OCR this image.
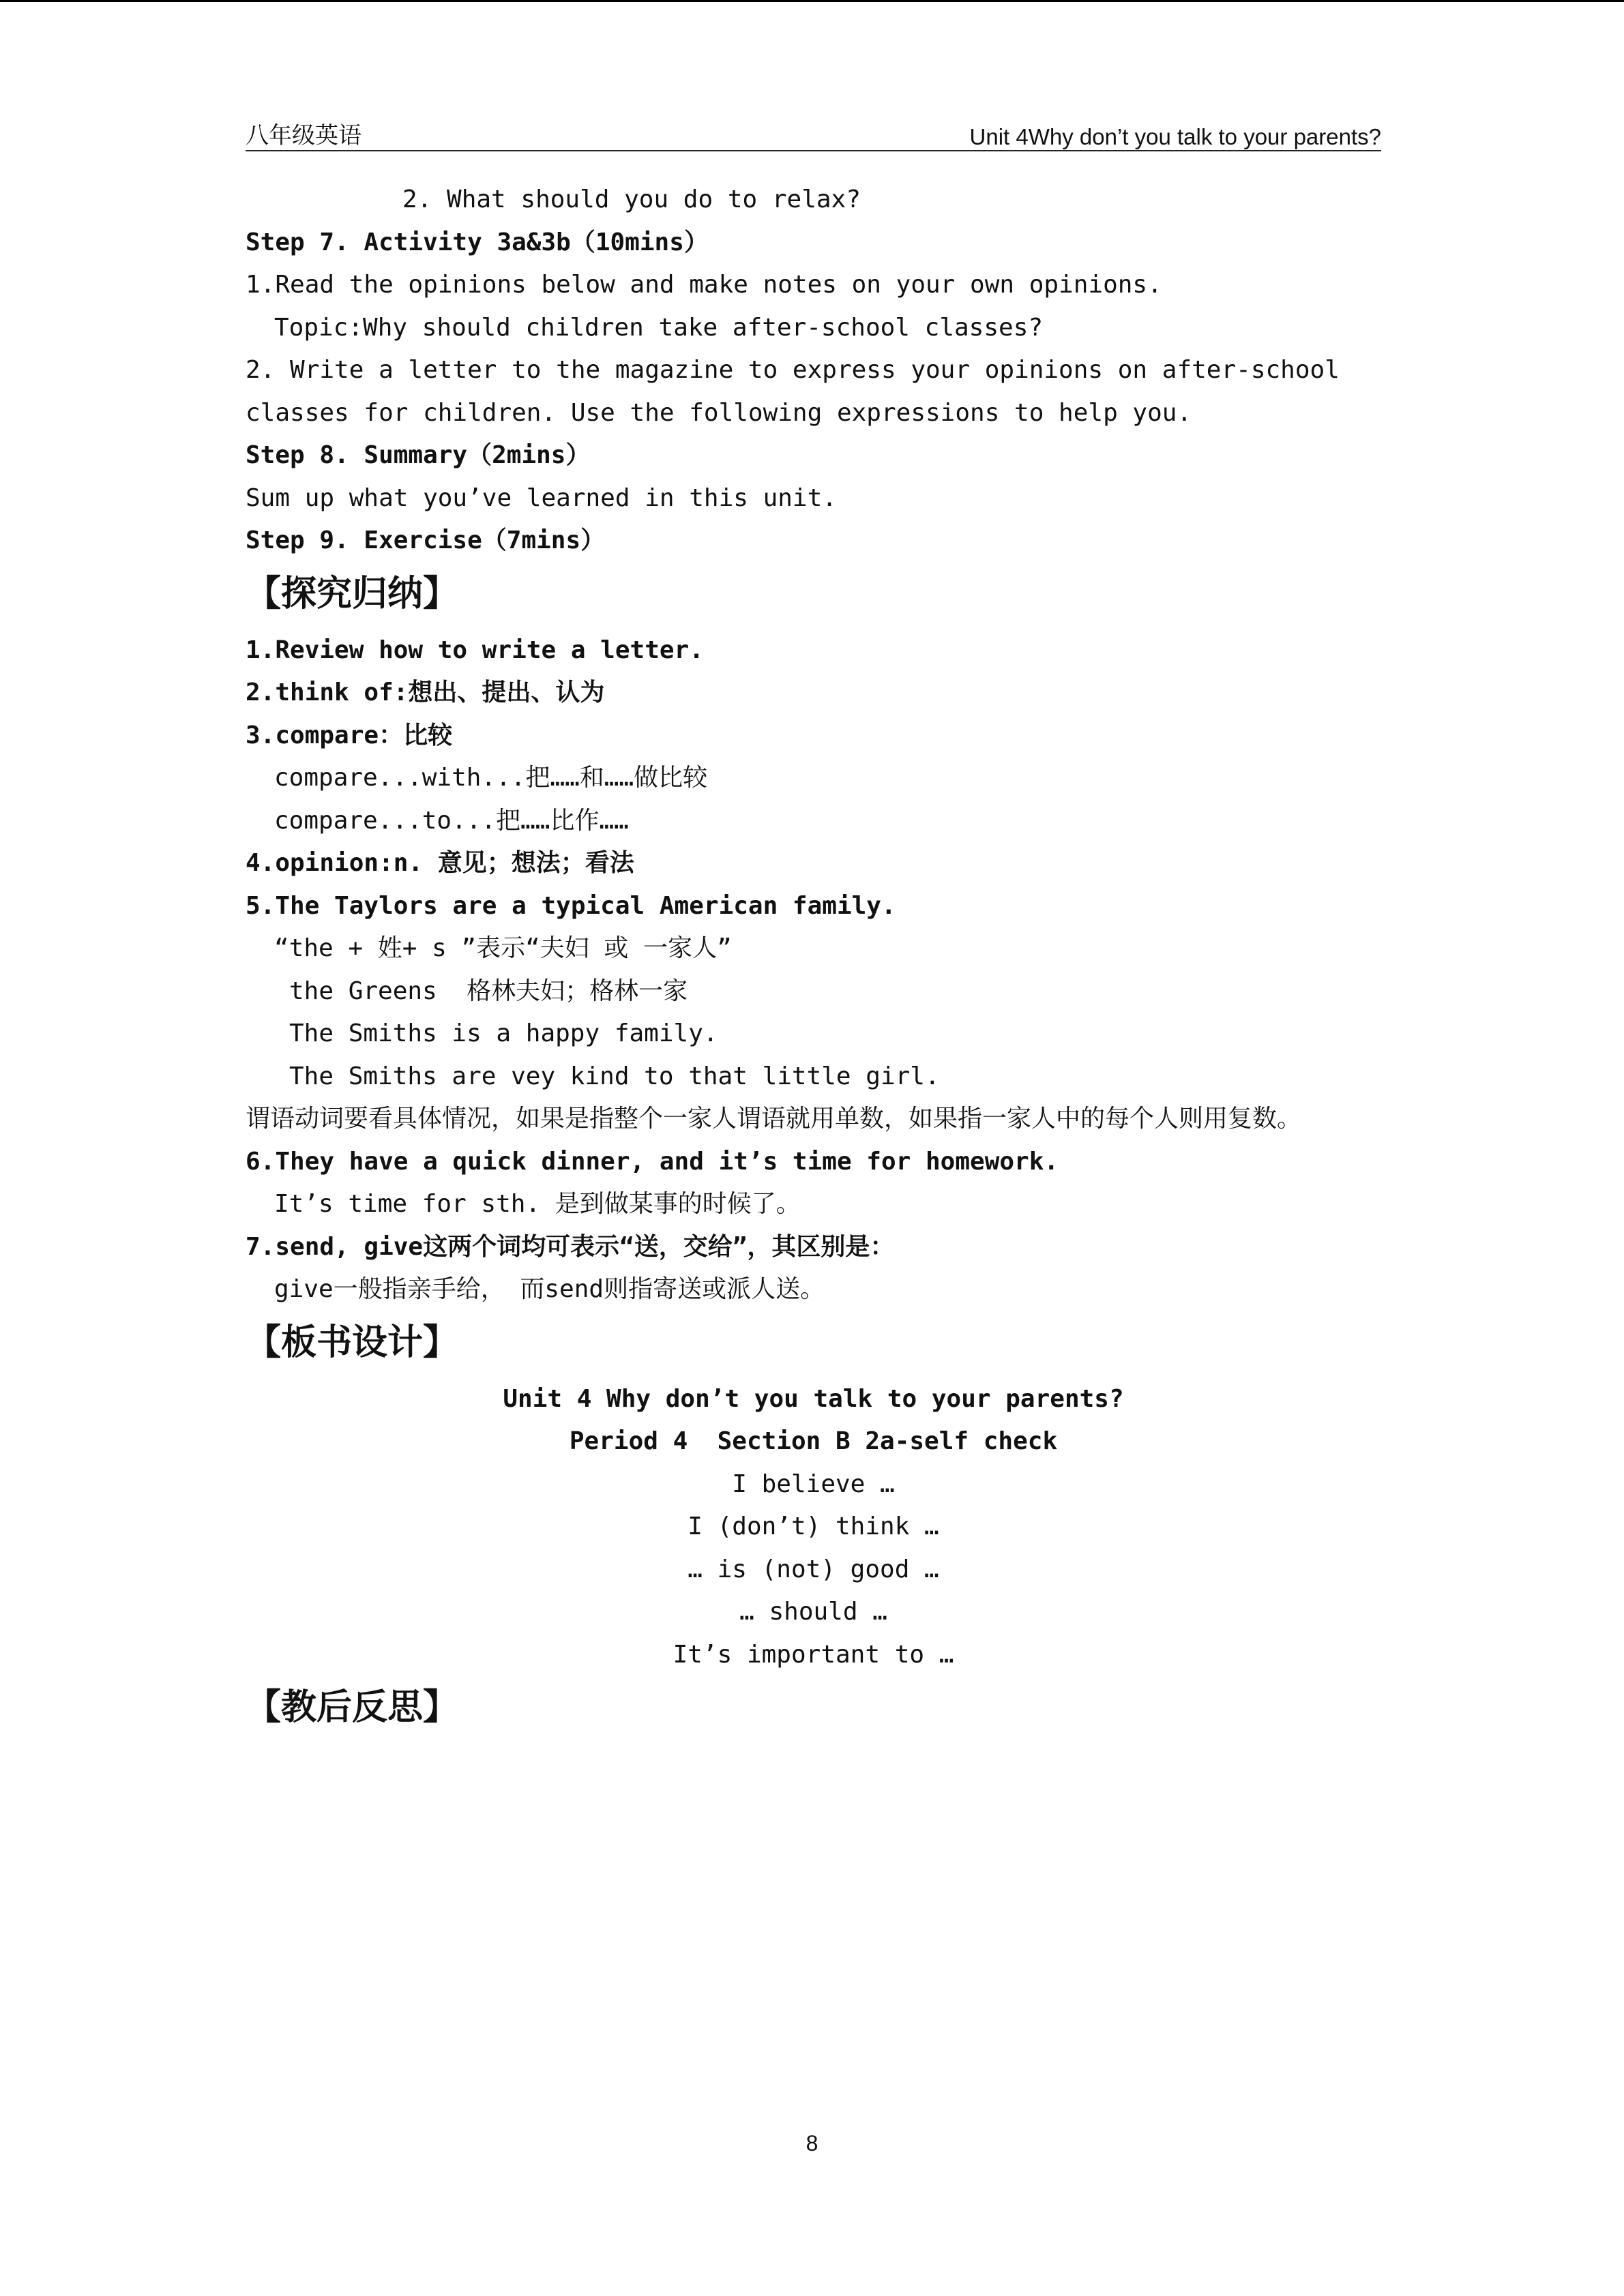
八年级英语	Unit 4Why don’t you talk to your parents?
2. What should you do to relax?
Step 7. Activity 3a&3b（10mins）
1.Read the opinions below and make notes on your own opinions.
Topic:Why should children take after-school classes?
2. Write a letter to the magazine to express your opinions on after-school classes for children. Use the following expressions to help you.
Step 8. Summary（2mins）
Sum up what you’ve learned in this unit.
Step 9. Exercise（7mins）
【探究归纳】
1.Review how to write a letter.
2.think of:想出、提出、认为
3.compare：比较
compare...with...把……和……做比较
compare...to...把……比作……
4.opinion:n. 意见；想法；看法
5.The Taylors are a typical American family.
“the + 姓+ s ”表示“夫妇 或 一家人”
the Greens  格林夫妇；格林一家
The Smiths is a happy family.
The Smiths are vey kind to that little girl.
谓语动词要看具体情况，如果是指整个一家人谓语就用单数，如果指一家人中的每个人则用复数。
6.They have a quick dinner, and it’s time for homework.
It’s time for sth. 是到做某事的时候了。
7.send, give这两个词均可表示“送，交给”，其区别是：
give一般指亲手给， 而send则指寄送或派人送。
【板书设计】
Unit 4 Why don’t you talk to your parents?
Period 4  Section B 2a-self check
I believe …
I (don’t) think …
… is (not) good …
… should …
It’s important to …
【教后反思】
8
